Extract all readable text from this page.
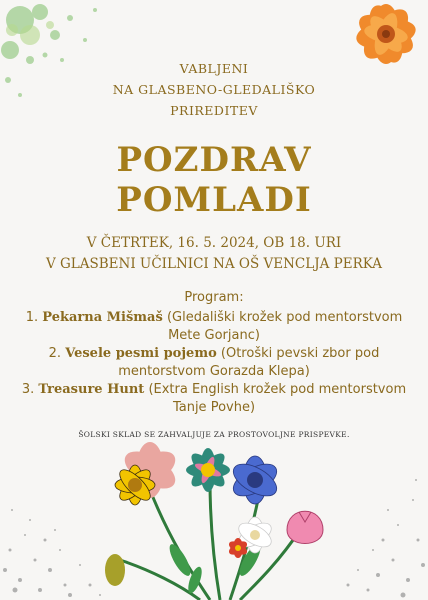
VABLJENI
NA GLASBENO-GLEDALIŠKO
PRIREDITEV
POZDRAV
POMLADI
V ČETRTEK, 16. 5. 2024, OB 18. URI
V GLASBENI UČILNICI NA OŠ VENCLJA PERKA
Program:

1. Pekarna Mišmaš (Gledališki krožek pod mentorstvom Mete Gorjanc)

2. Vesele pesmi pojemo (Otroški pevski zbor pod mentorstvom Gorazda Klepa)

3. Treasure Hunt (Extra English krožek pod mentorstvom Tanje Povhe)

ŠOLSKI SKLAD SE ZAHVALJUJE ZA PROSTOVOLJNE PRISPEVKE.
